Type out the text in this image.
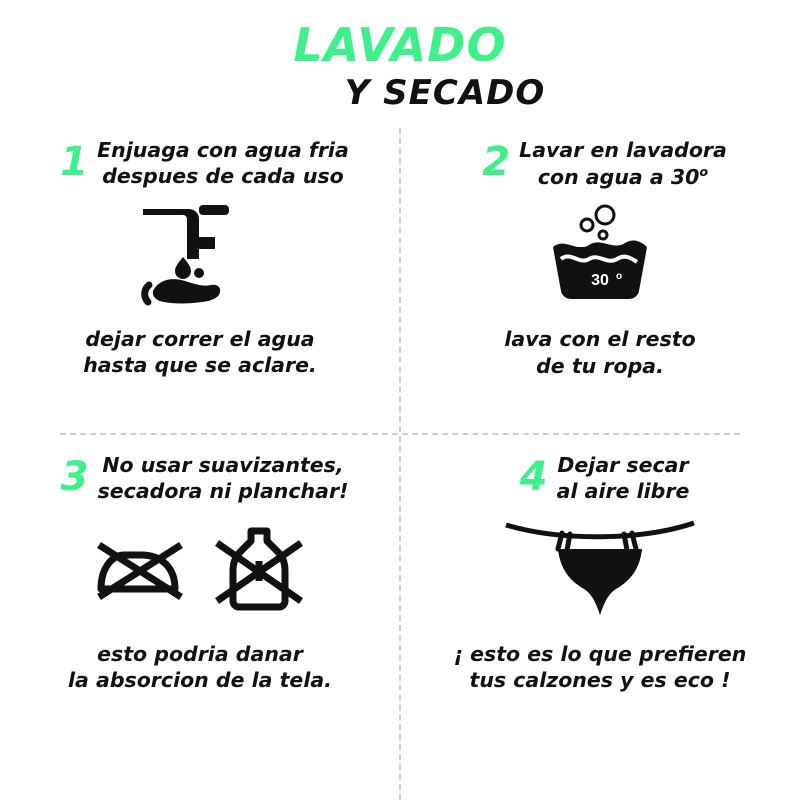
LAVADO
Y SECADO
1 Enjuaga con agua fria
despues de cada uso
dejar correr el agua
hasta que se aclare.
2 Lavar en lavadora
con agua a 30$^o$
30 o
lava con el resto
de tu ropa.
3 No usar suavizantes,
secadora ni planchar!
esto podria danar
la absorcion de la tela.
4 Dejar secar
al aire libre
¡ esto es lo que prefieren
tus calzones y es eco !
